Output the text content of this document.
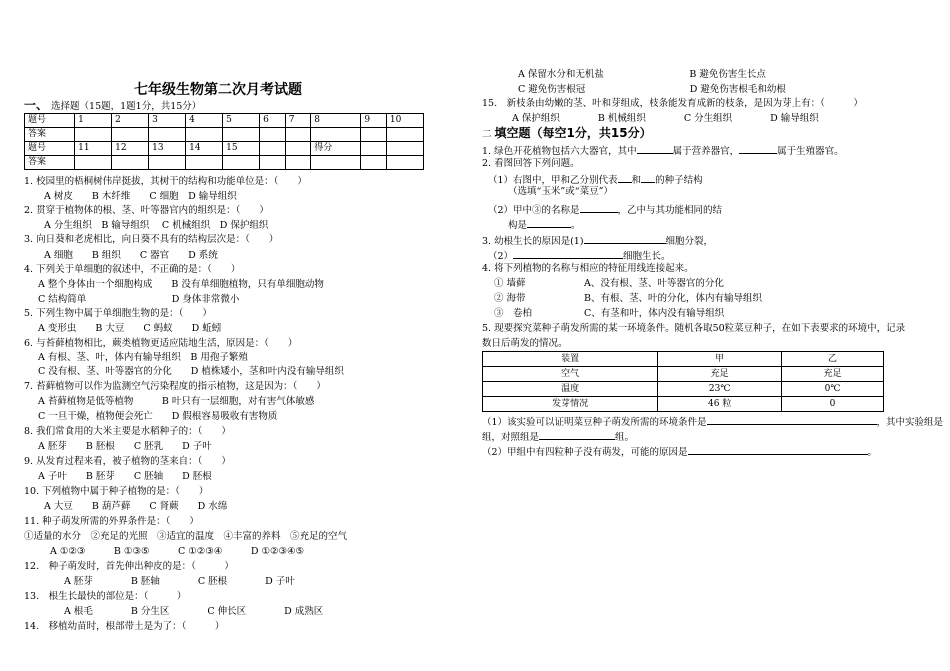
七年级生物第二次月考试题
一、 选择题（15题，1题1分，共15分）
题号	1	2	3	4	5	6	7	8	9	10
答案										
题号	11	12	13	14	15			得分		
答案										
1. 校园里的梧桐树伟岸挺拔，其树干的结构和功能单位是：（　　）
A 树皮　　B 木纤维　　C 细胞　D 输导组织
2. 贯穿于植物体的根、茎、叶等器官内的组织是：（　　）
A 分生组织　B 输导组织　 C 机械组织　D 保护组织
3. 向日葵和老虎相比，向日葵不具有的结构层次是：（　　）
A 细胞　　B 组织　　C 器官　　D 系统
4. 下列关于单细胞的叙述中，不正确的是：（　　）
A 整个身体由一个细胞构成　　B 没有单细胞植物，只有单细胞动物
C 结构简单　　　　　　　　　D 身体非常微小
5. 下列生物中属于单细胞生物的是：（　　）
A 变形虫　　B 大豆　　C 蚂蚁　　D 蚯蚓
6. 与苔藓植物相比，蕨类植物更适应陆地生活，原因是：（　　）
A 有根、茎、叶，体内有输导组织　B 用孢子繁殖
C 没有根、茎、叶等器官的分化　　D 植株矮小，茎和叶内没有输导组织
7. 苔藓植物可以作为监测空气污染程度的指示植物，这是因为：（　　）
A 苔藓植物是低等植物　　　B 叶只有一层细胞，对有害气体敏感
C 一旦干燥，植物便会死亡　　D 假根容易吸收有害物质
8. 我们常食用的大米主要是水稻种子的：（　　）
A 胚芽　　B 胚根　　C 胚乳　　D 子叶
9. 从发育过程来看，被子植物的茎来自：（　　）
A 子叶　　B 胚芽　　C 胚轴　　D 胚根
10. 下列植物中属于种子植物的是：（　　）
A 大豆　　B 葫芦藓　　C 肾蕨　　D 水绵
11. 种子萌发所需的外界条件是：（　　）
①适量的水分　②充足的光照　③适宜的温度　④丰富的养料　⑤充足的空气
A ①②③　　　B ①③⑤　　　C ①②③④　　　D ①②③④⑤
12.　种子萌发时，首先伸出种皮的是：（　　　）
A 胚芽　　　　B 胚轴　　　　C 胚根　　　　D 子叶
13.　根生长最快的部位是：（　　　）
A 根毛　　　　B 分生区　　　　C 伸长区　　　　D 成熟区
14.　移植幼苗时，根部带土是为了：（　　　）
A 保留水分和无机盐　　　　　　　　　B 避免伤害生长点
C 避免伤害根冠　　　　　　　　　　　D 避免伤害根毛和幼根
15.　新枝条由幼嫩的茎、叶和芽组成，枝条能发育成新的枝条，是因为芽上有：（　　　）
A 保护组织　　　　B 机械组织　　　　C 分生组织　　　　D 输导组织
二 填空题（每空1分，共15分）
1. 绿色开花植物包括六大器官，其中	属于营养器官，	属于生殖器官。
2. 看图回答下列问题。
（1）右图中，甲和乙分别代表 和 的种子结构
（选填“玉米”或“菜豆”）
（2）甲中③的名称是	，乙中与其功能相同的结
构是	。
3. 幼根生长的原因是(1)	细胞分裂，
（2）	细胞生长。
4. 将下列植物的名称与相应的特征用线连接起来。
① 墙藓	A、没有根、茎、叶等器官的分化
② 海带	B、有根、茎、叶的分化，体内有输导组织
③　卷柏	C、有茎和叶，体内没有输导组织
5. 现要探究菜种子萌发所需的某一环境条件。随机各取50粒菜豆种子，在如下表要求的环境中，记录
数日后萌发的情况。
装置	甲	乙
空气	充足	充足
温度	23℃	0℃
发芽情况	46 粒	0
（1）该实验可以证明菜豆种子萌发所需的环境条件是	，其中实验组是
组，对照组是	组。
（2）甲组中有四粒种子没有萌发，可能的原因是	。
